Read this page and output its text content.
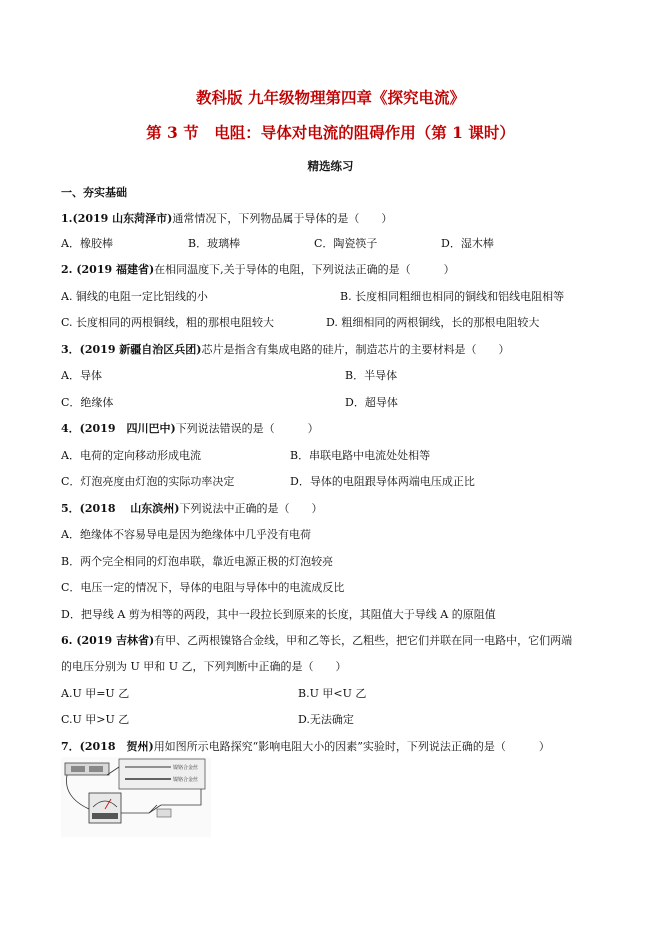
教科版 九年级物理第四章《探究电流》
第 3 节　电阻：导体对电流的阻碍作用（第 1 课时）
精选练习
一、夯实基础
1.(2019 山东菏泽市)通常情况下，下列物品属于导体的是（　　）
A．橡胶棒	B．玻璃棒	C．陶瓷筷子	D．湿木棒
2. (2019 福建省)在相同温度下,关于导体的电阻，下列说法正确的是（　　　）
A. 铜线的电阻一定比铝线的小	B. 长度相同粗细也相同的铜线和铝线电阻相等
C. 长度相同的两根铜线，粗的那根电阻较大	D. 粗细相同的两根铜线，长的那根电阻较大
3．(2019 新疆自治区兵团)芯片是指含有集成电路的硅片，制造芯片的主要材料是（　　）
A．导体	B．半导体
C．绝缘体	D．超导体
4．(2019　四川巴中)下列说法错误的是（　　　）
A．电荷的定向移动形成电流	B．串联电路中电流处处相等
C．灯泡亮度由灯泡的实际功率决定	D．导体的电阻跟导体两端电压成正比
5．(2018　 山东滨州)下列说法中正确的是（　　）
A．绝缘体不容易导电是因为绝缘体中几乎没有电荷
B．两个完全相同的灯泡串联，靠近电源正极的灯泡较亮
C．电压一定的情况下，导体的电阻与导体中的电流成反比
D．把导线 A 剪为相等的两段，其中一段拉长到原来的长度，其阻值大于导线 A 的原阻值
6. (2019 吉林省)有甲、乙两根镍铬合金线，甲和乙等长，乙粗些，把它们并联在同一电路中，它们两端
的电压分别为 U 甲和 U 乙，下列判断中正确的是（　　）
A.U 甲=U 乙	B.U 甲<U 乙
C.U 甲>U 乙	D.无法确定
7．(2018　贺州)用如图所示电路探究“影响电阻大小的因素”实验时，下列说法正确的是（　　　）
镍铬合金丝
镍铬合金丝
